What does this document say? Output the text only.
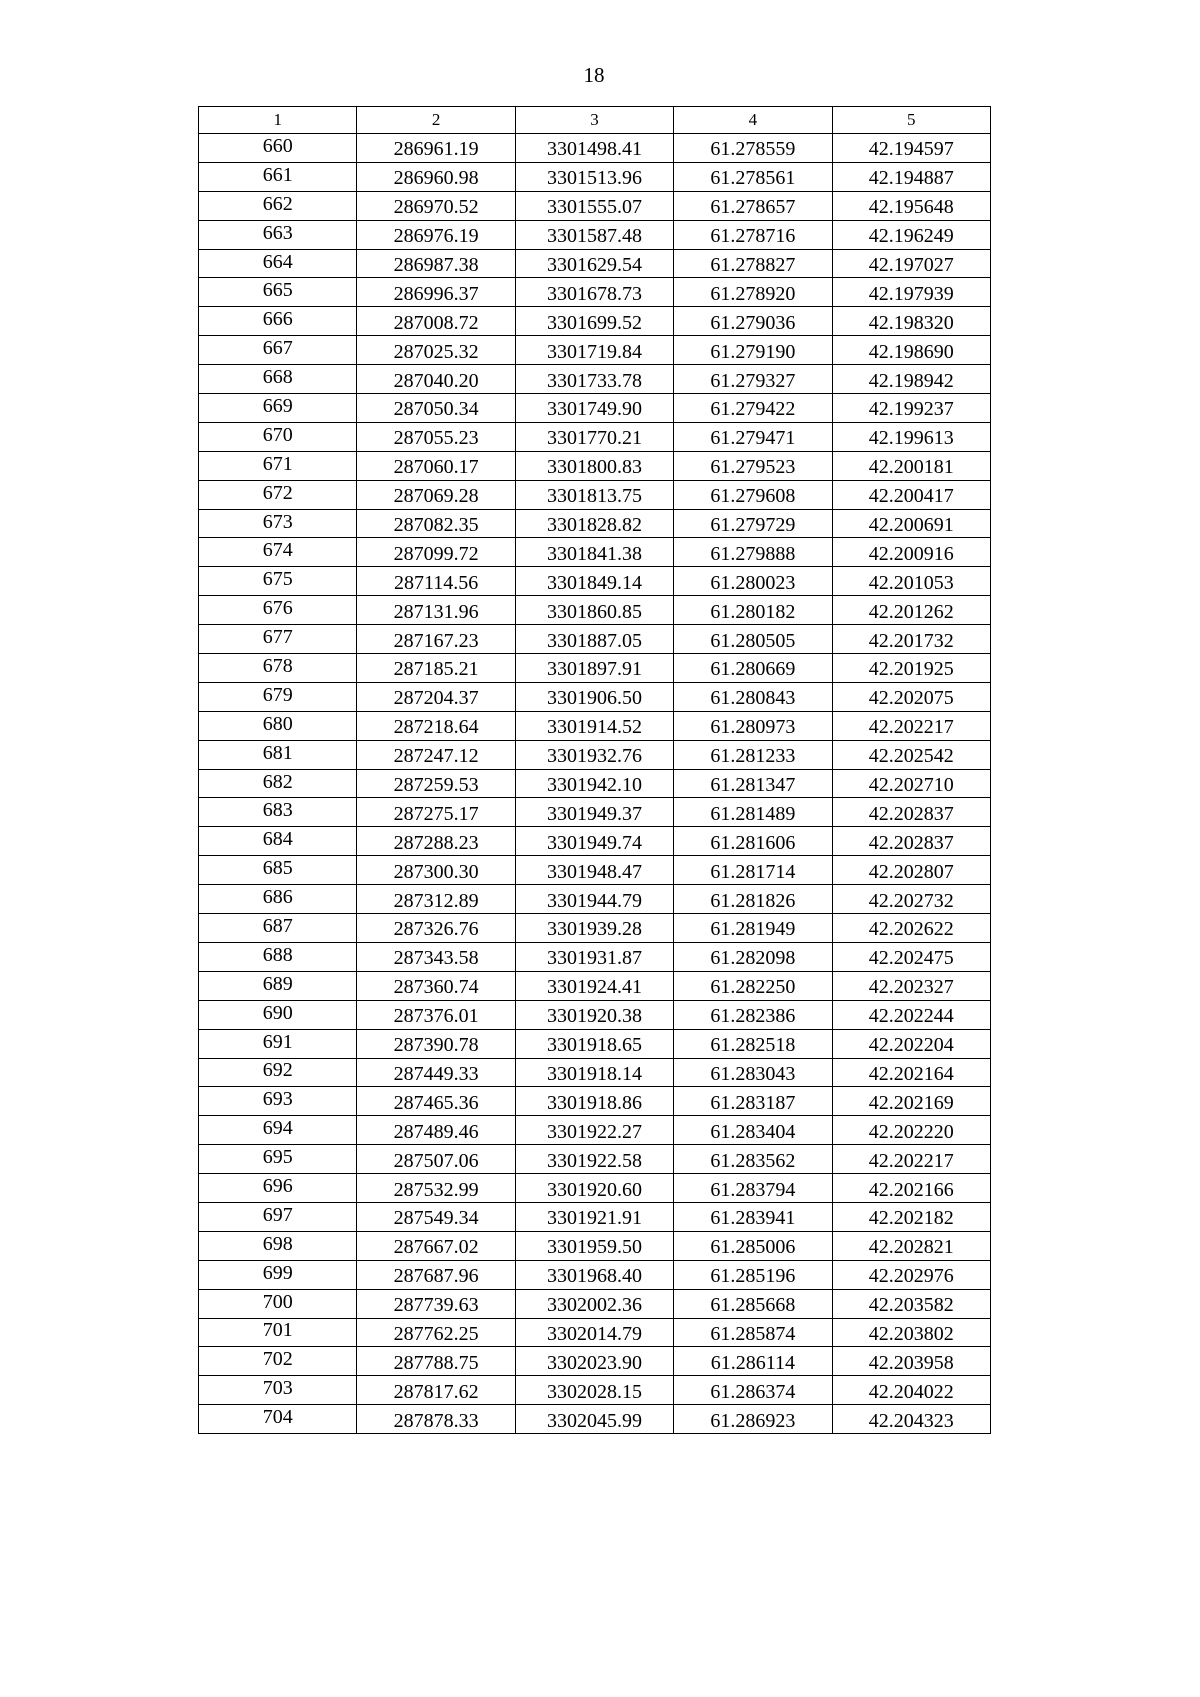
18
1	2	3	4	5
660	286961.19	3301498.41	61.278559	42.194597
661	286960.98	3301513.96	61.278561	42.194887
662	286970.52	3301555.07	61.278657	42.195648
663	286976.19	3301587.48	61.278716	42.196249
664	286987.38	3301629.54	61.278827	42.197027
665	286996.37	3301678.73	61.278920	42.197939
666	287008.72	3301699.52	61.279036	42.198320
667	287025.32	3301719.84	61.279190	42.198690
668	287040.20	3301733.78	61.279327	42.198942
669	287050.34	3301749.90	61.279422	42.199237
670	287055.23	3301770.21	61.279471	42.199613
671	287060.17	3301800.83	61.279523	42.200181
672	287069.28	3301813.75	61.279608	42.200417
673	287082.35	3301828.82	61.279729	42.200691
674	287099.72	3301841.38	61.279888	42.200916
675	287114.56	3301849.14	61.280023	42.201053
676	287131.96	3301860.85	61.280182	42.201262
677	287167.23	3301887.05	61.280505	42.201732
678	287185.21	3301897.91	61.280669	42.201925
679	287204.37	3301906.50	61.280843	42.202075
680	287218.64	3301914.52	61.280973	42.202217
681	287247.12	3301932.76	61.281233	42.202542
682	287259.53	3301942.10	61.281347	42.202710
683	287275.17	3301949.37	61.281489	42.202837
684	287288.23	3301949.74	61.281606	42.202837
685	287300.30	3301948.47	61.281714	42.202807
686	287312.89	3301944.79	61.281826	42.202732
687	287326.76	3301939.28	61.281949	42.202622
688	287343.58	3301931.87	61.282098	42.202475
689	287360.74	3301924.41	61.282250	42.202327
690	287376.01	3301920.38	61.282386	42.202244
691	287390.78	3301918.65	61.282518	42.202204
692	287449.33	3301918.14	61.283043	42.202164
693	287465.36	3301918.86	61.283187	42.202169
694	287489.46	3301922.27	61.283404	42.202220
695	287507.06	3301922.58	61.283562	42.202217
696	287532.99	3301920.60	61.283794	42.202166
697	287549.34	3301921.91	61.283941	42.202182
698	287667.02	3301959.50	61.285006	42.202821
699	287687.96	3301968.40	61.285196	42.202976
700	287739.63	3302002.36	61.285668	42.203582
701	287762.25	3302014.79	61.285874	42.203802
702	287788.75	3302023.90	61.286114	42.203958
703	287817.62	3302028.15	61.286374	42.204022
704	287878.33	3302045.99	61.286923	42.204323
